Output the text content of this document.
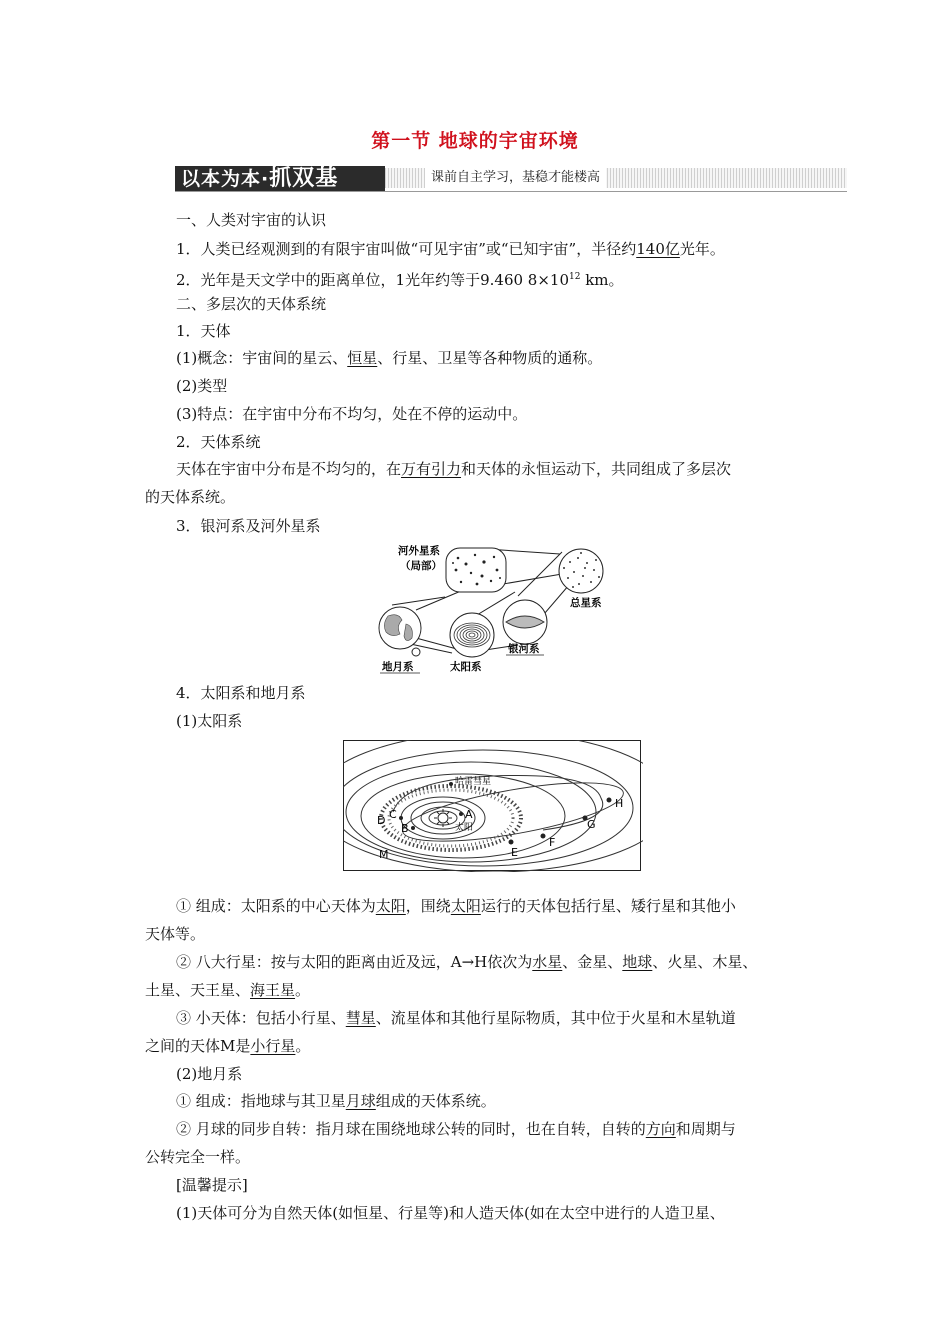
第一节 地球的宇宙环境
以本为本·抓双基	课前自主学习，基稳才能楼高
一、人类对宇宙的认识
1．人类已经观测到的有限宇宙叫做“可见宇宙”或“已知宇宙”，半径约140亿光年。
2．光年是天文学中的距离单位，1光年约等于9.460 $8\times 10^{12}$ km。
二、多层次的天体系统
1．天体
(1)概念：宇宙间的星云、恒星、行星、卫星等各种物质的通称。
(2)类型
(3)特点：在宇宙中分布不均匀，处在不停的运动中。
2．天体系统
天体在宇宙中分布是不均匀的，在万有引力和天体的永恒运动下，共同组成了多层次
的天体系统。
3．银河系及河外星系
河外星系
（局部）
总星系
银河系
地月系	太阳系
4．太阳系和地月系
(1)太阳系
哈雷彗星
太阳
A
B
C
D
E
F
G
H
M
① 组成：太阳系的中心天体为太阳，围绕太阳运行的天体包括行星、矮行星和其他小
天体等。
② 八大行星：按与太阳的距离由近及远，A→H依次为水星、金星、地球、火星、木星、
土星、天王星、海王星。
③ 小天体：包括小行星、彗星、流星体和其他行星际物质，其中位于火星和木星轨道
之间的天体M是小行星。
(2)地月系
① 组成：指地球与其卫星月球组成的天体系统。
② 月球的同步自转：指月球在围绕地球公转的同时，也在自转，自转的方向和周期与
公转完全一样。
[温馨提示]
(1)天体可分为自然天体(如恒星、行星等)和人造天体(如在太空中进行的人造卫星、
